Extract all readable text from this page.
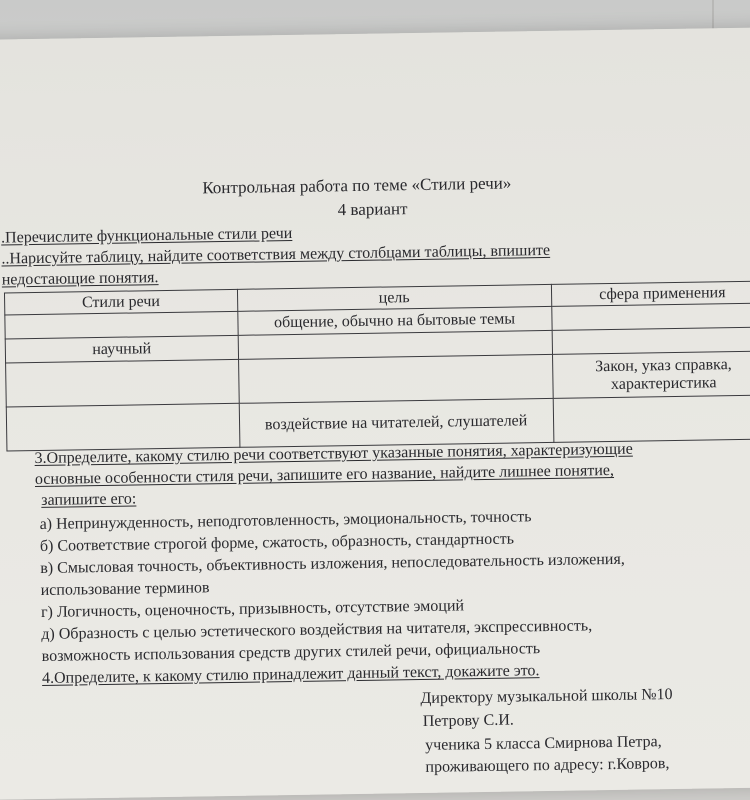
Контрольная работа по теме «Стили речи»
4 вариант
.Перечислите функциональные стили речи
..Нарисуйте таблицу, найдите соответствия между столбцами таблицы, впишите
недостающие понятия.
Стили речи	цель	сфера применения
	общение, обычно на бытовые темы	
научный		
		Закон, указ справка, характеристика
	воздействие на читателей, слушателей	
3.Определите, какому стилю речи соответствуют указанные понятия, характеризующие
основные особенности стиля речи, запишите его название, найдите лишнее понятие,
запишите его:
а) Непринужденность, неподготовленность, эмоциональность, точность
б) Соответствие строгой форме, сжатость, образность, стандартность
в) Смысловая точность, объективность изложения, непоследовательность изложения,
использование терминов
г) Логичность, оценочность, призывность, отсутствие эмоций
д) Образность с целью эстетического воздействия на читателя, экспрессивность,
возможность использования средств других стилей речи, официальность
4.Определите, к какому стилю принадлежит данный текст, докажите это.
Директору музыкальной школы №10
Петрову С.И.
ученика 5 класса Смирнова Петра,
проживающего по адресу: г.Ковров,
